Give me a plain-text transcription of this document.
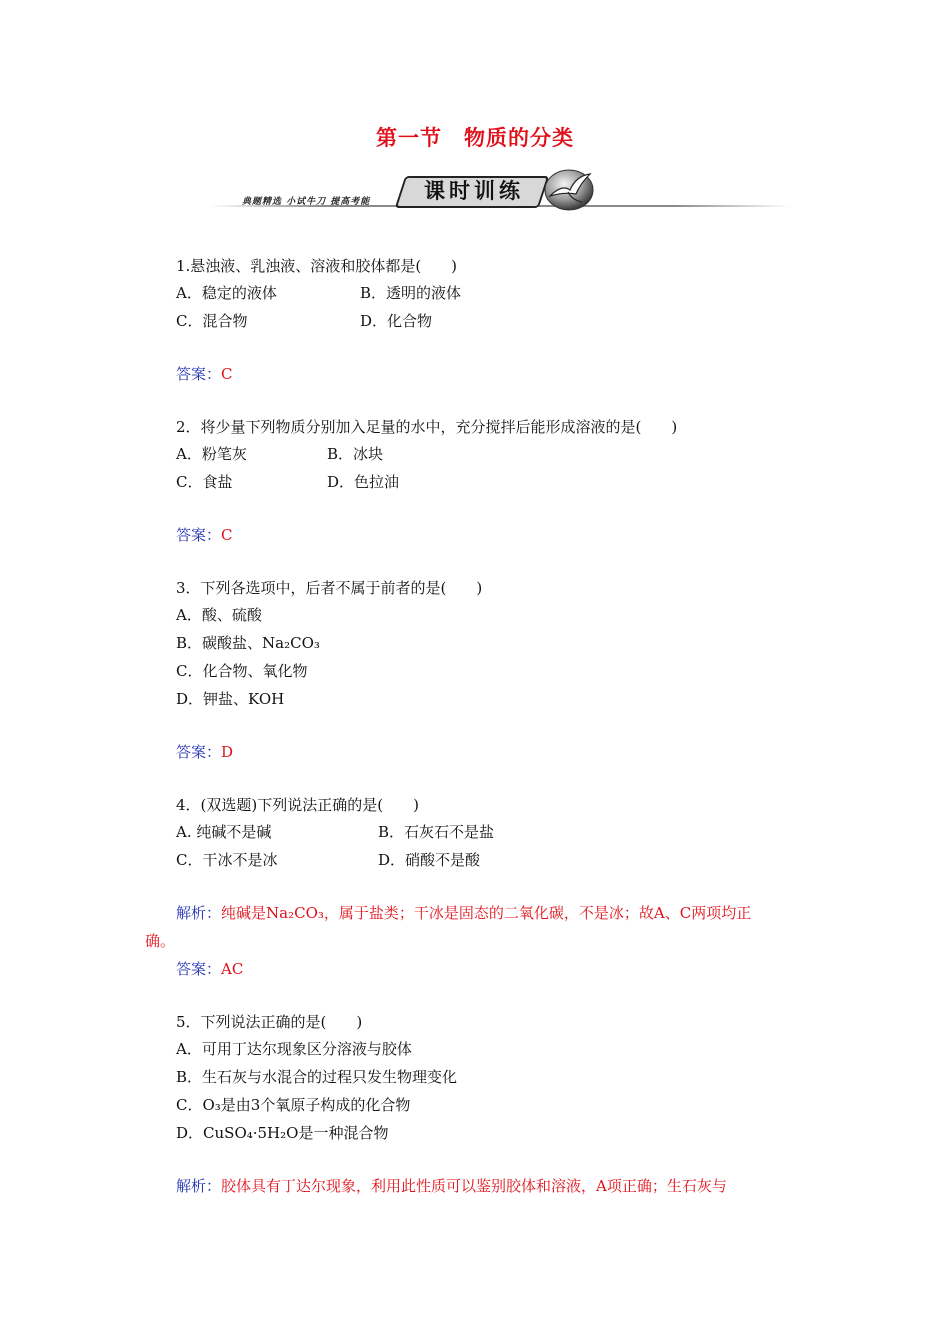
第一节　物质的分类
典题精选 小试牛刀 提高考能	课时训练
1.悬浊液、乳浊液、溶液和胶体都是(　　)
A．稳定的液体	B．透明的液体
C．混合物	D．化合物
答案：C
2．将少量下列物质分别加入足量的水中，充分搅拌后能形成溶液的是(　　)
A．粉笔灰	B．冰块
C．食盐	D．色拉油
答案：C
3．下列各选项中，后者不属于前者的是(　　)
A．酸、硫酸
B．碳酸盐、Na₂CO₃
C．化合物、氧化物
D．钾盐、KOH
答案：D
4．(双选题)下列说法正确的是(　　)
A. 纯碱不是碱	B．石灰石不是盐
C．干冰不是冰	D．硝酸不是酸
解析：纯碱是Na₂CO₃，属于盐类；干冰是固态的二氧化碳，不是冰；故A、C两项均正
确。
答案：AC
5．下列说法正确的是(　　)
A．可用丁达尔现象区分溶液与胶体
B．生石灰与水混合的过程只发生物理变化
C．O₃是由3个氧原子构成的化合物
D．CuSO₄·5H₂O是一种混合物
解析：胶体具有丁达尔现象，利用此性质可以鉴别胶体和溶液，A项正确；生石灰与
